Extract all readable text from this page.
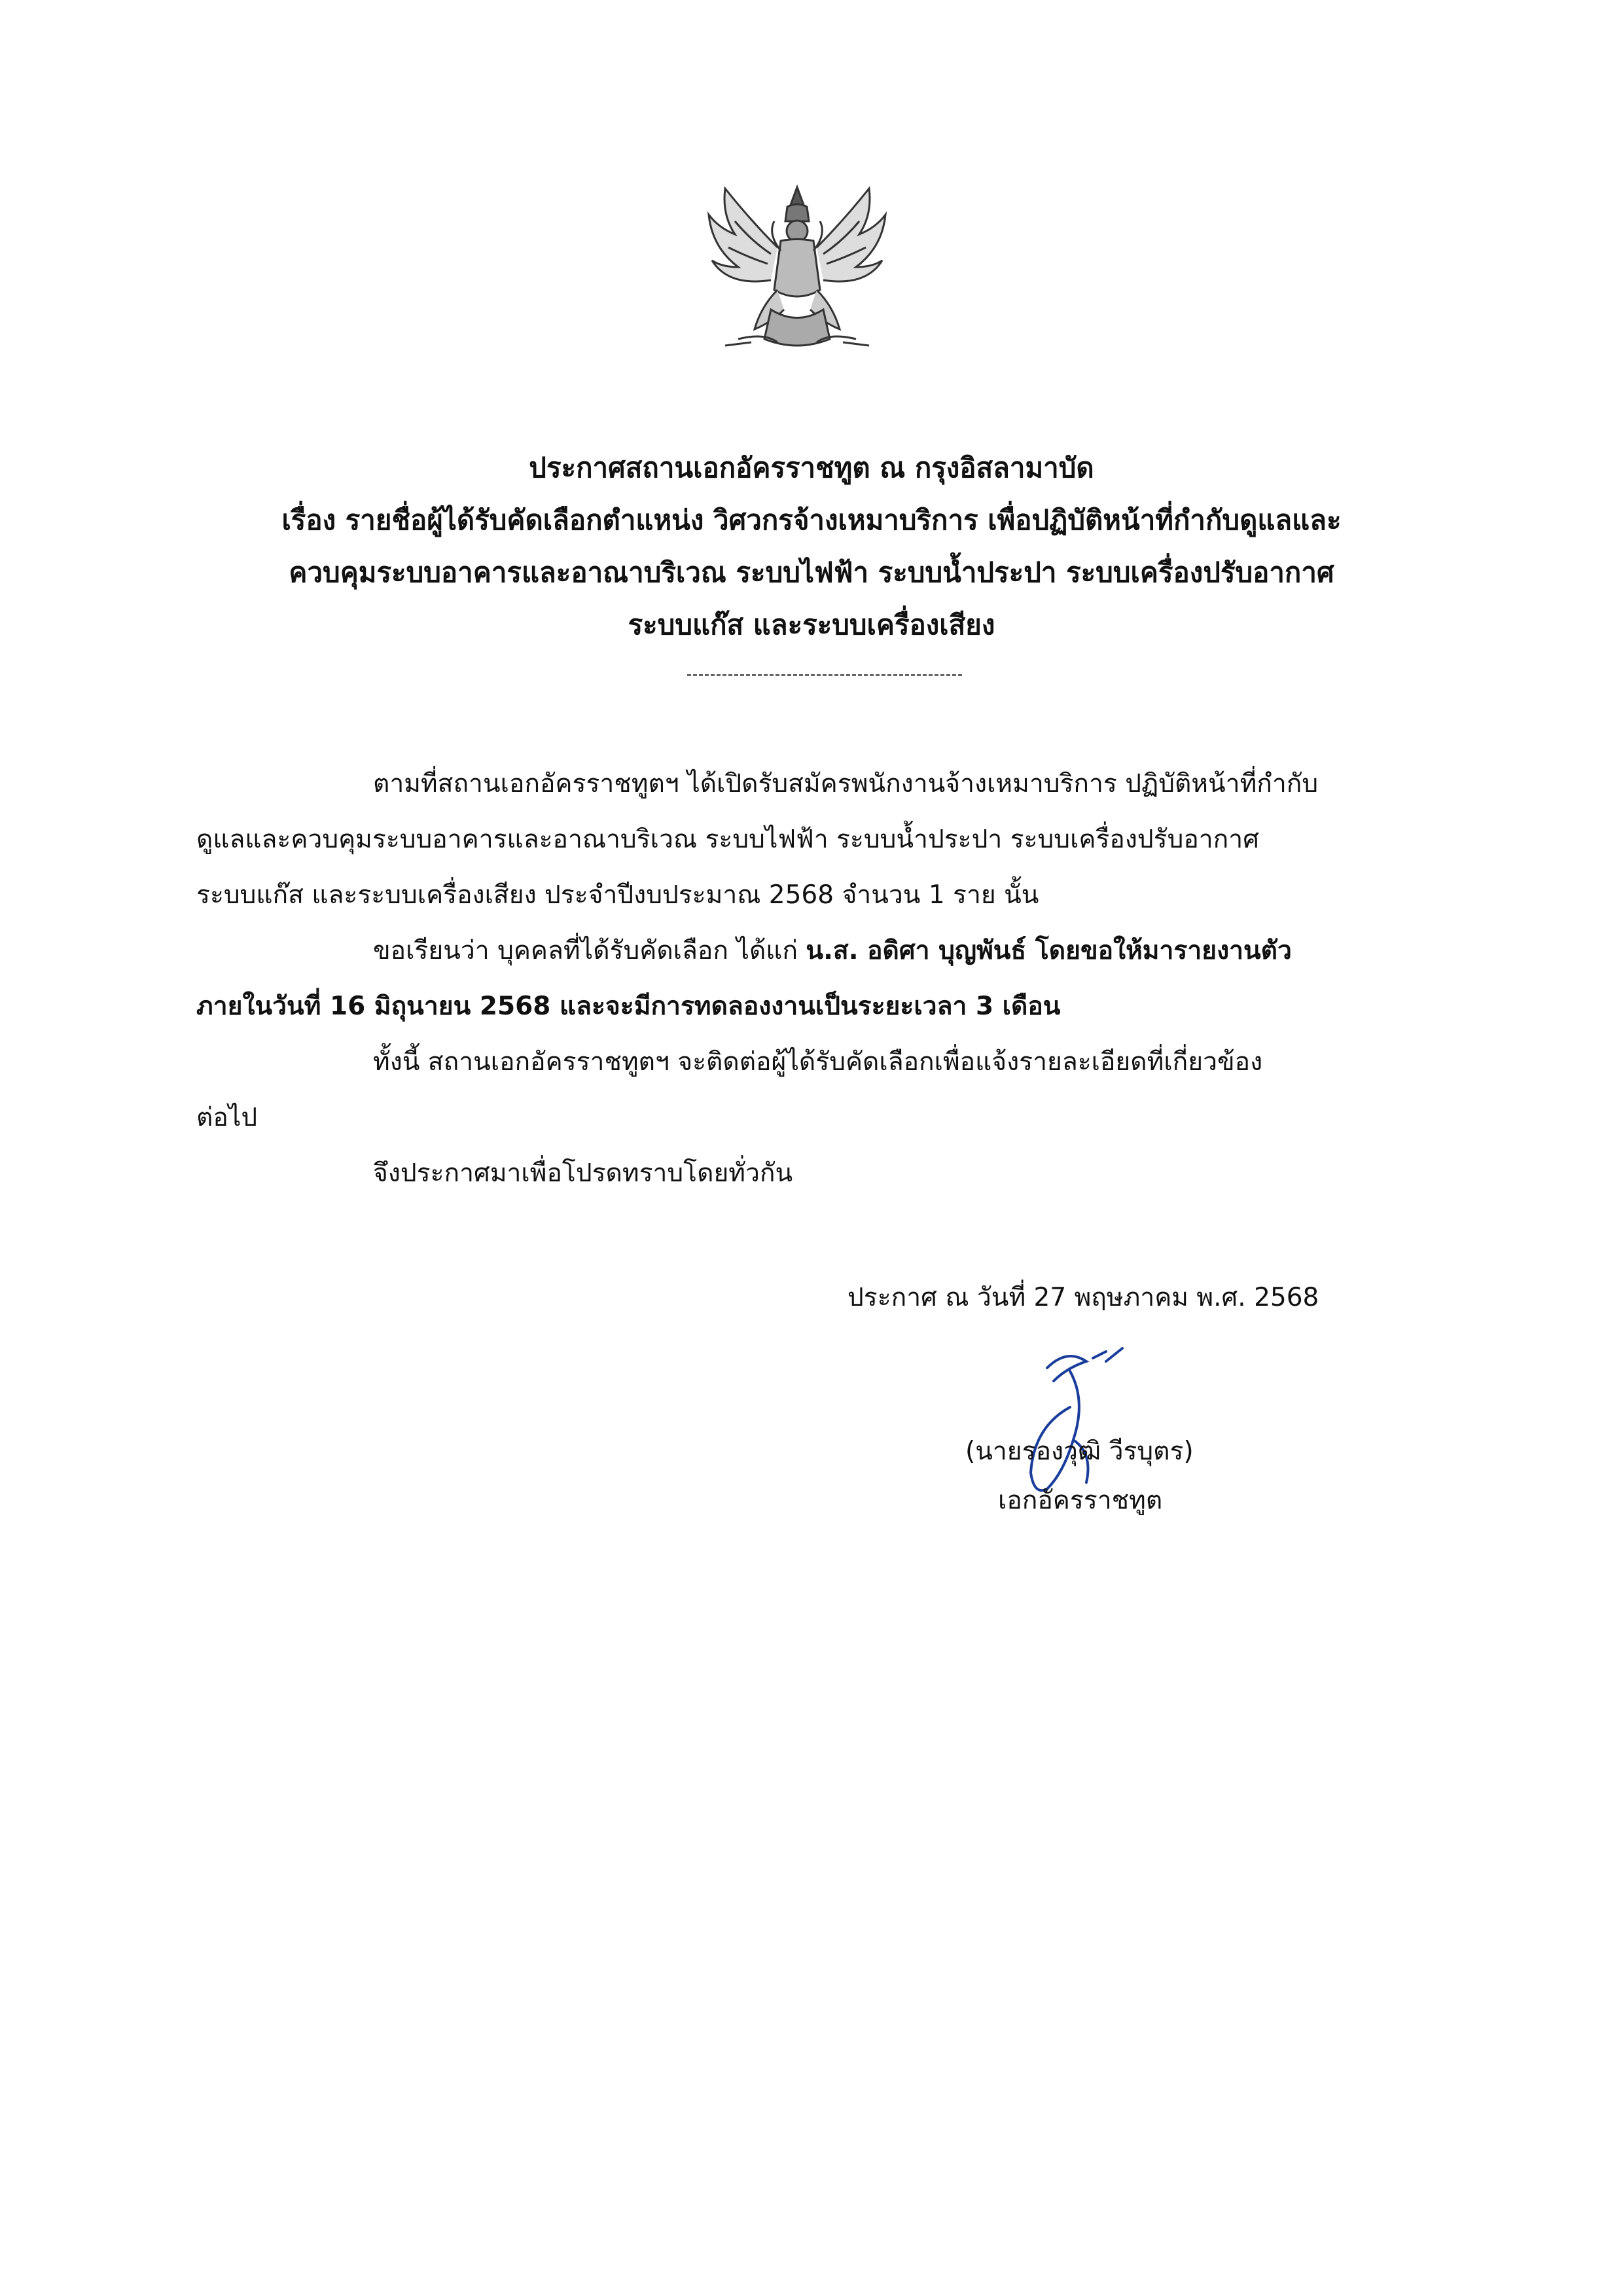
ประกาศสถานเอกอัครราชทูต ณ กรุงอิสลามาบัด
เรื่อง รายชื่อผู้ได้รับคัดเลือกตำแหน่ง วิศวกรจ้างเหมาบริการ เพื่อปฏิบัติหน้าที่กำกับดูแลและ
ควบคุมระบบอาคารและอาณาบริเวณ ระบบไฟฟ้า ระบบน้ำประปา ระบบเครื่องปรับอากาศ
ระบบแก๊ส และระบบเครื่องเสียง
ตามที่สถานเอกอัครราชทูตฯ ได้เปิดรับสมัครพนักงานจ้างเหมาบริการ ปฏิบัติหน้าที่กำกับ
ดูแลและควบคุมระบบอาคารและอาณาบริเวณ ระบบไฟฟ้า ระบบน้ำประปา ระบบเครื่องปรับอากาศ
ระบบแก๊ส และระบบเครื่องเสียง ประจำปีงบประมาณ 2568 จำนวน 1 ราย นั้น
ขอเรียนว่า บุคคลที่ได้รับคัดเลือก ได้แก่ น.ส. อดิศา บุญพันธ์ โดยขอให้มารายงานตัว
ภายในวันที่ 16 มิถุนายน 2568 และจะมีการทดลองงานเป็นระยะเวลา 3 เดือน
ทั้งนี้ สถานเอกอัครราชทูตฯ จะติดต่อผู้ได้รับคัดเลือกเพื่อแจ้งรายละเอียดที่เกี่ยวข้อง
ต่อไป
จึงประกาศมาเพื่อโปรดทราบโดยทั่วกัน
ประกาศ ณ วันที่ 27 พฤษภาคม พ.ศ. 2568
(นายรองวุฒิ วีรบุตร)
เอกอัครราชทูต
